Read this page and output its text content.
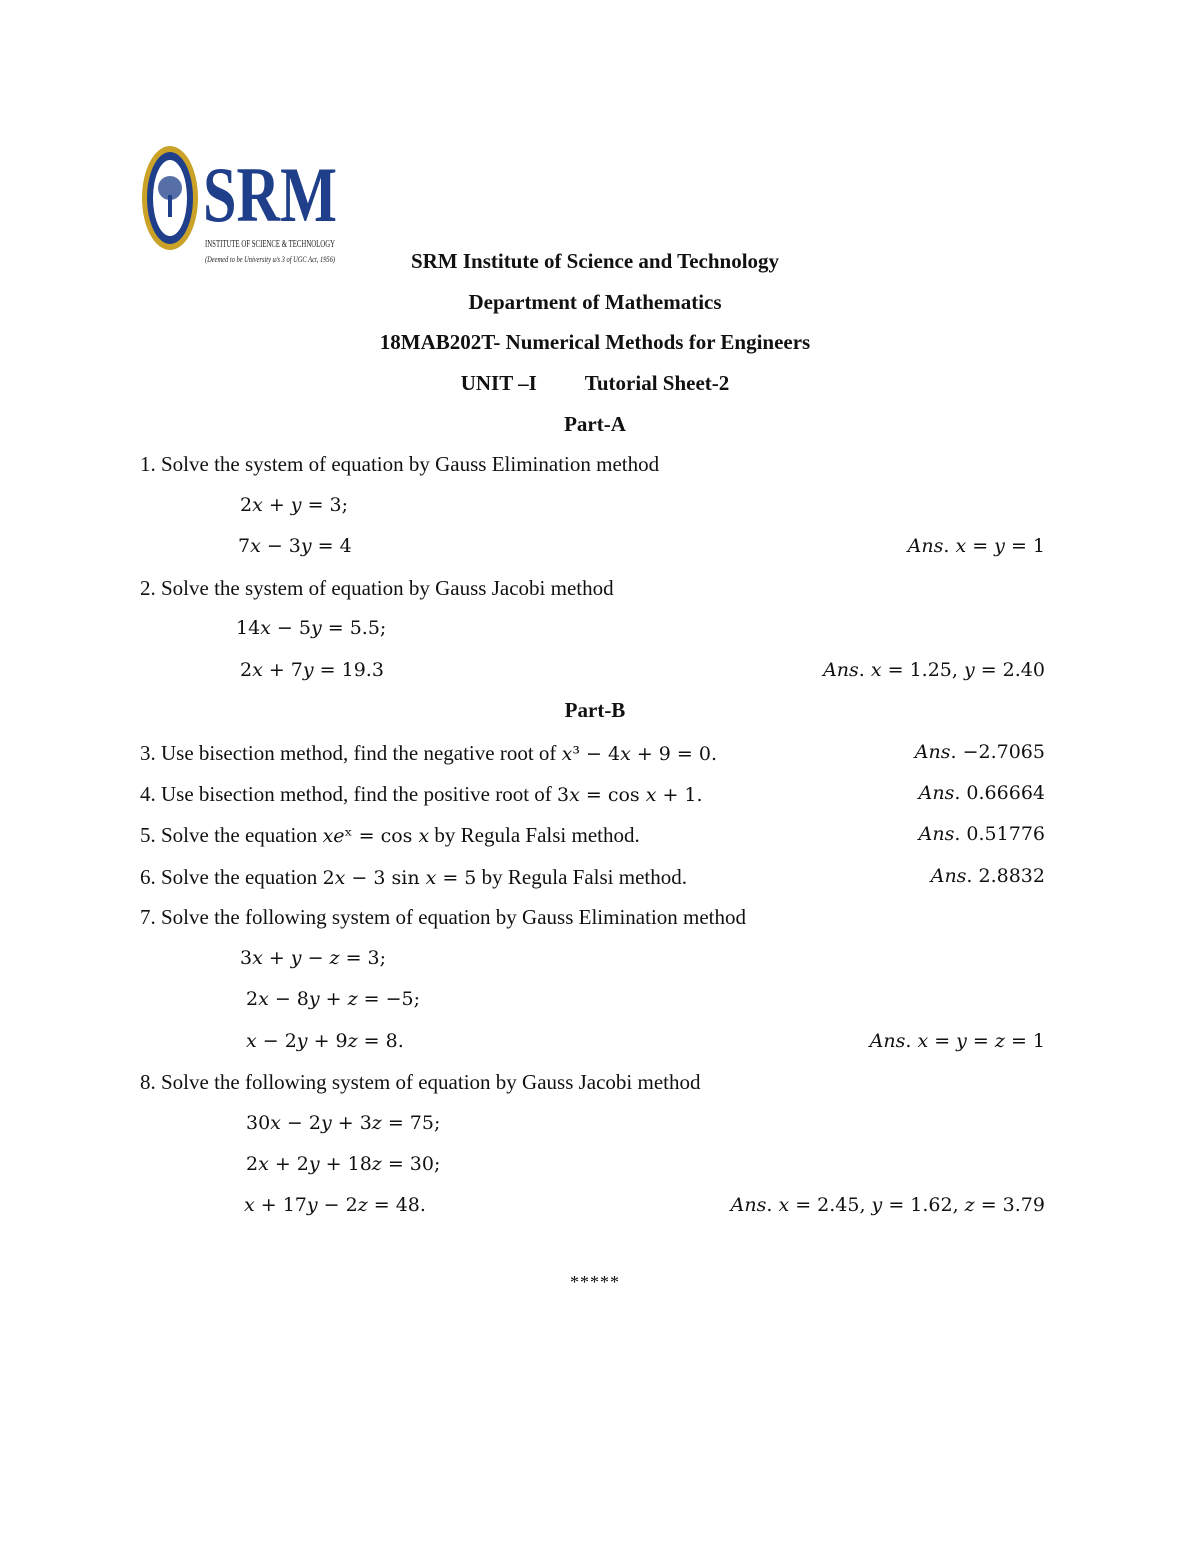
SRM
INSTITUTE OF SCIENCE & TECHNOLOGY
(Deemed to be University u/s 3 of UGC Act, 1956)	SRM Institute of Science and Technology
Department of Mathematics
18MAB202T- Numerical Methods for Engineers
UNIT –I Tutorial Sheet-2
Part-A
1. Solve the system of equation by Gauss Elimination method
2𝑥 + 𝑦 = 3;
7𝑥 − 3𝑦 = 4	𝐴𝑛𝑠. 𝑥 = 𝑦 = 1
2. Solve the system of equation by Gauss Jacobi method
14𝑥 − 5𝑦 = 5.5;
2𝑥 + 7𝑦 = 19.3	𝐴𝑛𝑠. 𝑥 = 1.25, 𝑦 = 2.40
Part-B
3. Use bisection method, find the negative root of 𝑥³ − 4𝑥 + 9 = 0.	𝐴𝑛𝑠. −2.7065
4. Use bisection method, find the positive root of 3𝑥 = cos 𝑥 + 1.	𝐴𝑛𝑠. 0.66664
5. Solve the equation 𝑥𝑒ˣ = cos 𝑥 by Regula Falsi method.	𝐴𝑛𝑠. 0.51776
6. Solve the equation 2𝑥 − 3 sin 𝑥 = 5 by Regula Falsi method.	𝐴𝑛𝑠. 2.8832
7. Solve the following system of equation by Gauss Elimination method
3𝑥 + 𝑦 − 𝑧 = 3;
2𝑥 − 8𝑦 + 𝑧 = −5;
𝑥 − 2𝑦 + 9𝑧 = 8.	𝐴𝑛𝑠. 𝑥 = 𝑦 = 𝑧 = 1
8. Solve the following system of equation by Gauss Jacobi method
30𝑥 − 2𝑦 + 3𝑧 = 75;
2𝑥 + 2𝑦 + 18𝑧 = 30;
𝑥 + 17𝑦 − 2𝑧 = 48.	𝐴𝑛𝑠. 𝑥 = 2.45, 𝑦 = 1.62, 𝑧 = 3.79
*****
